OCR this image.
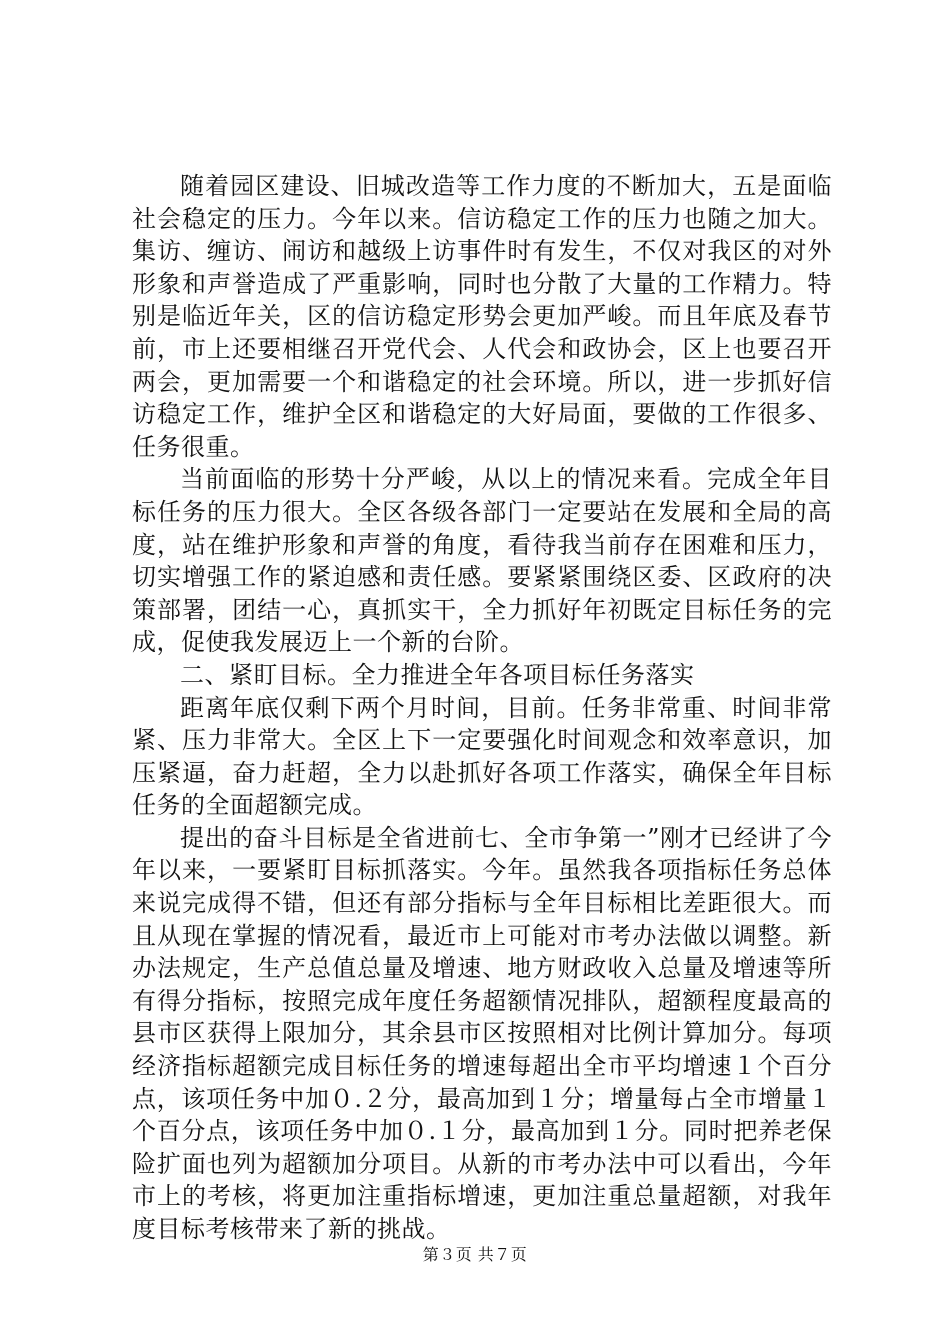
随着园区建设、旧城改造等工作力度的不断加大，五是面临社会稳定的压力。今年以来。信访稳定工作的压力也随之加大。集访、缠访、闹访和越级上访事件时有发生，不仅对我区的对外形象和声誉造成了严重影响，同时也分散了大量的工作精力。特别是临近年关，区的信访稳定形势会更加严峻。而且年底及春节前，市上还要相继召开党代会、人代会和政协会，区上也要召开两会，更加需要一个和谐稳定的社会环境。所以，进一步抓好信访稳定工作，维护全区和谐稳定的大好局面，要做的工作很多、任务很重。

当前面临的形势十分严峻，从以上的情况来看。完成全年目标任务的压力很大。全区各级各部门一定要站在发展和全局的高度，站在维护形象和声誉的角度，看待我当前存在困难和压力，切实增强工作的紧迫感和责任感。要紧紧围绕区委、区政府的决策部署，团结一心，真抓实干，全力抓好年初既定目标任务的完成，促使我发展迈上一个新的台阶。

二、紧盯目标。全力推进全年各项目标任务落实

距离年底仅剩下两个月时间，目前。任务非常重、时间非常紧、压力非常大。全区上下一定要强化时间观念和效率意识，加压紧逼，奋力赶超，全力以赴抓好各项工作落实，确保全年目标任务的全面超额完成。

提出的奋斗目标是全省进前七、全市争第一”刚才已经讲了今年以来，一要紧盯目标抓落实。今年。虽然我各项指标任务总体来说完成得不错，但还有部分指标与全年目标相比差距很大。而且从现在掌握的情况看，最近市上可能对市考办法做以调整。新办法规定，生产总值总量及增速、地方财政收入总量及增速等所有得分指标，按照完成年度任务超额情况排队，超额程度最高的县市区获得上限加分，其余县市区按照相对比例计算加分。每项经济指标超额完成目标任务的增速每超出全市平均增速１个百分点，该项任务中加０.２分，最高加到１分；增量每占全市增量１个百分点，该项任务中加０.１分，最高加到１分。同时把养老保险扩面也列为超额加分项目。从新的市考办法中可以看出，今年市上的考核，将更加注重指标增速，更加注重总量超额，对我年度目标考核带来了新的挑战。

第３页 共７页
